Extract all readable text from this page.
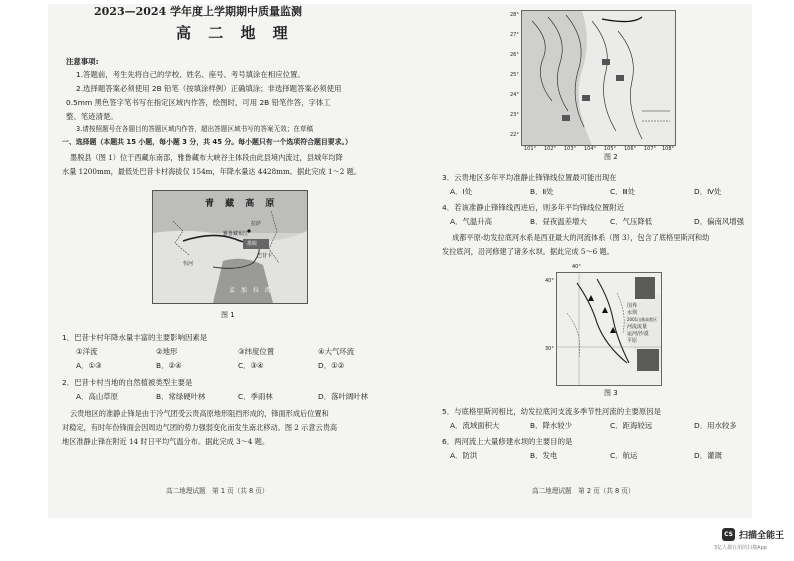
2023—2024 学年度上学期期中质量监测
高 二 地 理
注意事项:
1.答题前，考生先将自己的学校、姓名、座号、考号填涂在相应位置。
2.选择题答案必须使用 2B 铅笔（按填涂样例）正确填涂；非选择题答案必须使用
0.5mm 黑色签字笔书写在指定区域内作答，绘图时，可用 2B 铅笔作答，字体工
整、笔迹清楚。
3.请按照题号在各题目的答题区域内作答，超出答题区域书写的答案无效；在草稿
一、选择题（本题共 15 小题，每小题 3 分，共 45 分。每小题只有一个选项符合题目要求。）
墨脱县（图 1）位于西藏东南部，雅鲁藏布大峡谷主体段由此县境内流过，县城年均降
水量 1200mm，最低处巴昔卡村海拔仅 154m，年降水量达 4428mm。据此完成 1～2 题。
青 藏 高 原
拉萨
雅鲁藏布江
墨脱
巴昔卡
恒河
孟 加 拉 湾
图 1
1．巴昔卡村年降水量丰富的主要影响因素是
①洋流	②地形	③纬度位置	④大气环流
A．①③	B．②④	C．③④	D．①②
2．巴昔卡村当地的自然植被类型主要是
A．高山草原	B．常绿硬叶林	C．季雨林	D．落叶阔叶林
云贵地区的准静止锋是由于冷气团受云贵高原地形阻挡形成的，锋面形成后位置和
对稳定，有时年份锋面会因周边气团的势力强弱变化而发生南北移动。图 2 示意云贵高
地区准静止锋在附近 14 时日平均气温分布。据此完成 3～4 题。
高二地理试题　第 1 页（共 8 页）
28°
27°
26°
25°
24°
23°
22°
101° 102° 103° 104° 105° 106° 107° 108°
图 2
3．云贵地区多年平均准静止锋锋线位置最可能出现在
A．Ⅰ处	B．Ⅱ处	C．Ⅲ处	D．Ⅳ处
4．若该准静止锋锋线西进后，则多年平均锋线位置附近
A．气温升高	B．昼夜温差增大	C．气压降低	D．偏南风增强
成都平原-幼发拉底河水系是西亚最大的河流体系（图 3），包含了底格里斯河和幼
发拉底河，沿河修建了诸多水坝。据此完成 5～6 题。
国界
水坝
2001山脉高程区
河流流量
运河/沙漠
平原
40°
40°
30°
图 3
5．与底格里斯河相比，幼发拉底河支流多季节性河流的主要原因是
A．流域面积大	B．降水较少	C．距海较远	D．用水较多
6．两河流上大量修建水坝的主要目的是
A．防洪	B．发电	C．航运	D．灌溉
高二地理试题　第 2 页（共 8 页）
CS 扫描全能王
3亿人都在用的扫描App
